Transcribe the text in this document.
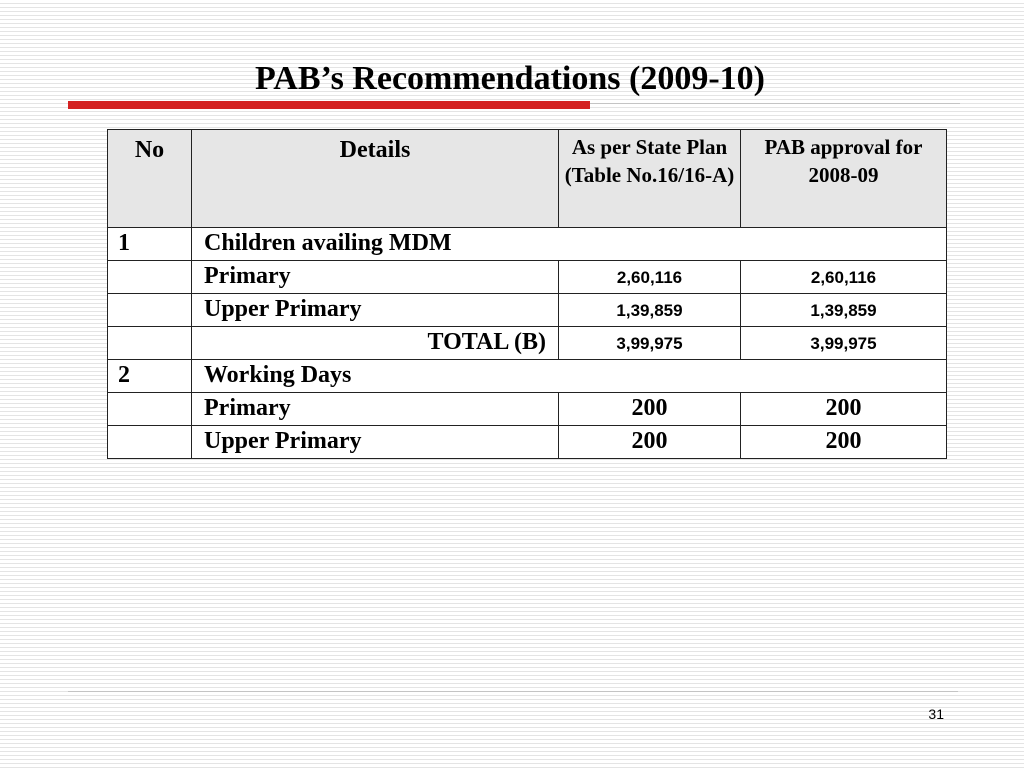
PAB’s Recommendations (2009-10)
No	Details	As per State Plan (Table No.16/16-A)	PAB approval for 2008-09
1	Children availing MDM		
	Primary	2,60,116	2,60,116
	Upper Primary	1,39,859	1,39,859
	TOTAL (B)	3,99,975	3,99,975
2	Working Days		
	Primary	200	200
	Upper Primary	200	200
31
